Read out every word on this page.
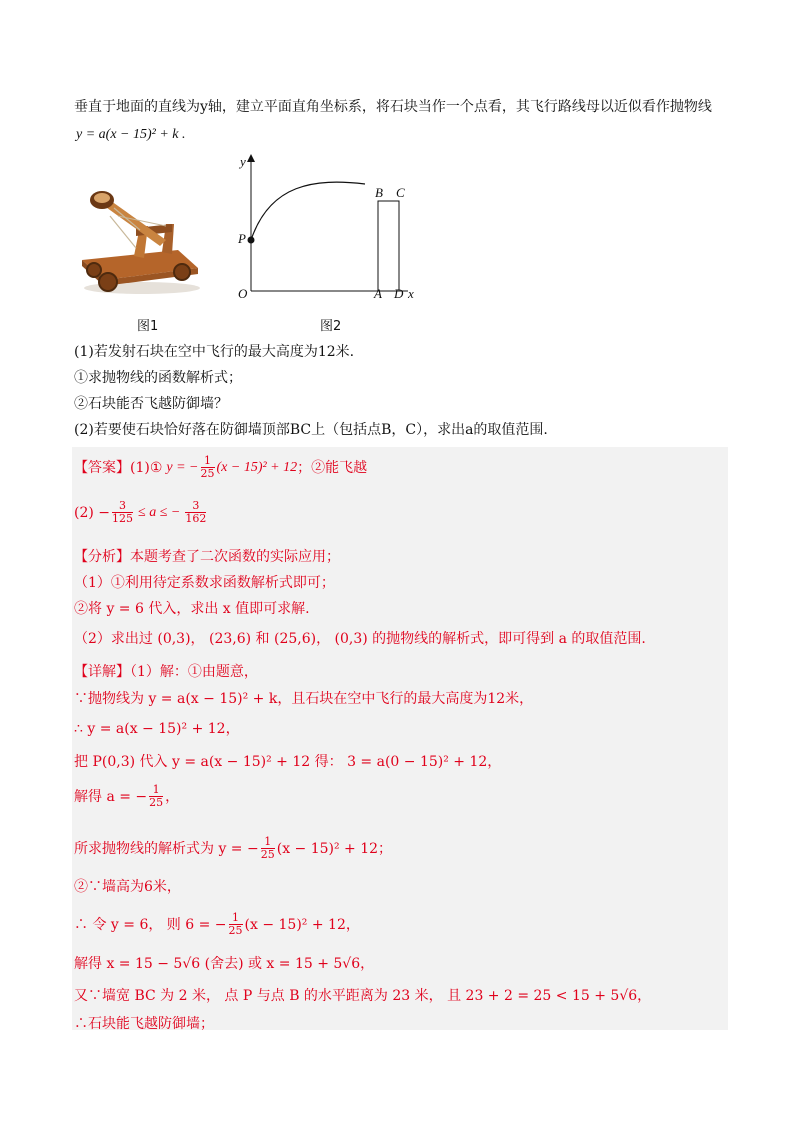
垂直于地面的直线为y轴，建立平面直角坐标系，将石块当作一个点看，其飞行路线母以近似看作抛物线
y = a(x − 15)² + k .
y
P
O	A D x
B C
图1	图2
(1)若发射石块在空中飞行的最大高度为12米.
①求抛物线的函数解析式；
②石块能否飞越防御墙？
(2)若要使石块恰好落在防御墙顶部BC上（包括点B，C），求出a的取值范围.
【答案】 (1)① y = − $\frac{1}{25} (x - 15)^2 + 12$ ；②能飞越
$(2) - \frac{3}{125} \le a$ ≤ − $\frac{3}{162}$
【分析】本题考查了二次函数的实际应用；
（1）①利用待定系数求函数解析式即可；
②将 y = 6 代入，求出 x 值即可求解.
（2）求出过 (0,3)， (23,6) 和 (25,6)， (0,3) 的抛物线的解析式，即可得到 a 的取值范围.
【详解】（1）解：①由题意，
∵抛物线为 y = a(x − 15)² + k，且石块在空中飞行的最大高度为12米，
∴ y = a(x − 15)² + 12，
把 P(0,3) 代入 y = a(x − 15)² + 12 得： 3 = a(0 − 15)² + 12，
解得 a = − $\frac{1}{25}$ ，
所求抛物线的解析式为 y = − $\frac{1}{25} (x - 15)^2 + 12$；
②∵墙高为6米，
∴ 令 y = 6， 则 6 = − $\frac{1}{25} (x - 15)^2 + 12$，
解得 x = 15 − 5√6 (舍去) 或 x = 15 + 5√6，
又∵墙宽 BC 为 2 米， 点 P 与点 B 的水平距离为 23 米， 且 23 + 2 = 25 < 15 + 5√6，
∴石块能飞越防御墙；
